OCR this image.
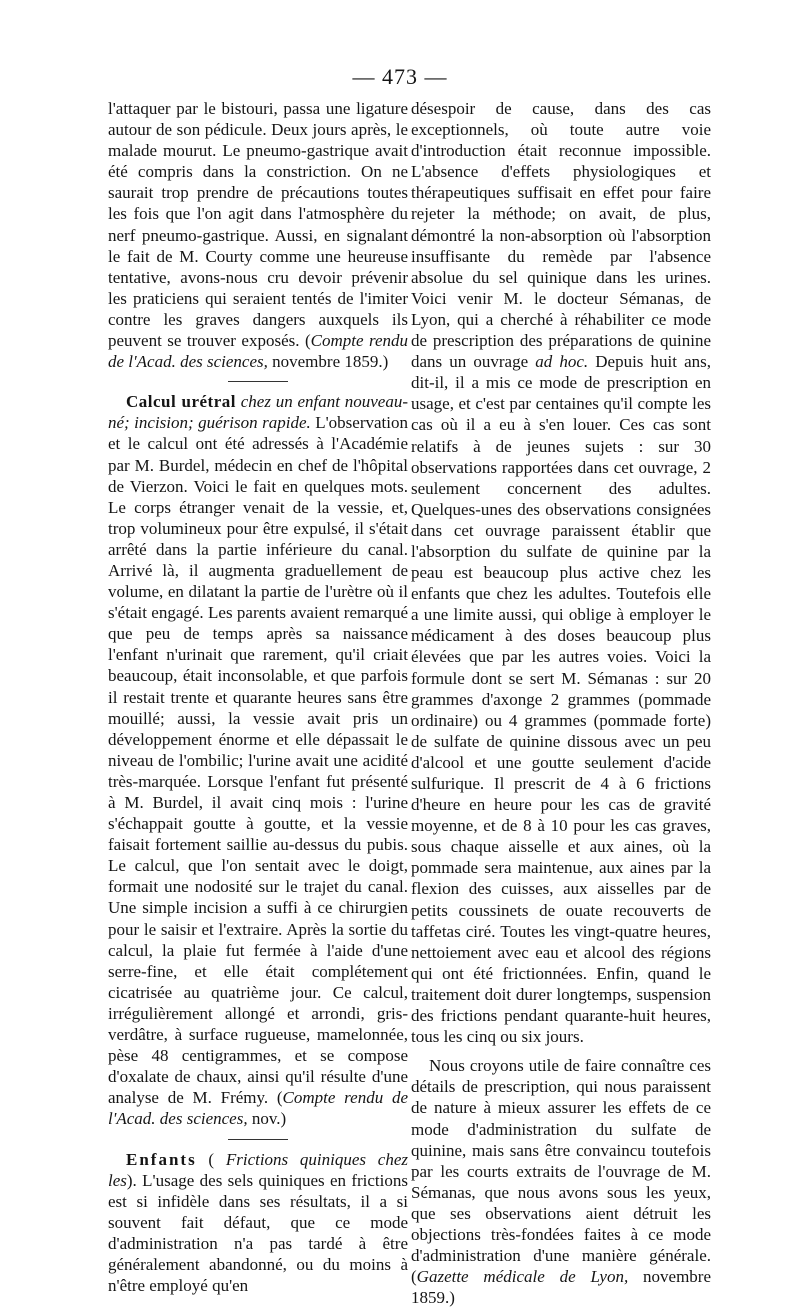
— 473 —

l'attaquer par le bistouri, passa une ligature autour de son pédicule. Deux jours après, le malade mourut. Le pneumo-gastrique avait été compris dans la constriction. On ne saurait trop prendre de précautions toutes les fois que l'on agit dans l'atmosphère du nerf pneumo-gastrique. Aussi, en signalant le fait de M. Courty comme une heureuse tentative, avons-nous cru devoir prévenir les praticiens qui seraient tentés de l'imiter contre les graves dangers auxquels ils peuvent se trouver exposés. (Compte rendu de l'Acad. des sciences, novembre 1859.)

Calcul urétral chez un enfant nouveau-né; incision; guérison rapide. L'observation et le calcul ont été adressés à l'Académie par M. Burdel, médecin en chef de l'hôpital de Vierzon. Voici le fait en quelques mots. Le corps étranger venait de la vessie, et, trop volumineux pour être expulsé, il s'était arrêté dans la partie inférieure du canal. Arrivé là, il augmenta graduellement de volume, en dilatant la partie de l'urètre où il s'était engagé. Les parents avaient remarqué que peu de temps après sa naissance l'enfant n'urinait que rarement, qu'il criait beaucoup, était inconsolable, et que parfois il restait trente et quarante heures sans être mouillé; aussi, la vessie avait pris un développement énorme et elle dépassait le niveau de l'ombilic; l'urine avait une acidité très-marquée. Lorsque l'enfant fut présenté à M. Burdel, il avait cinq mois : l'urine s'échappait goutte à goutte, et la vessie faisait fortement saillie au-dessus du pubis. Le calcul, que l'on sentait avec le doigt, formait une nodosité sur le trajet du canal. Une simple incision a suffi à ce chirurgien pour le saisir et l'extraire. Après la sortie du calcul, la plaie fut fermée à l'aide d'une serre-fine, et elle était complétement cicatrisée au quatrième jour. Ce calcul, irrégulièrement allongé et arrondi, gris-verdâtre, à surface rugueuse, mamelonnée, pèse 48 centigrammes, et se compose d'oxalate de chaux, ainsi qu'il résulte d'une analyse de M. Frémy. (Compte rendu de l'Acad. des sciences, nov.)

Enfants ( Frictions quiniques chez les). L'usage des sels quiniques en frictions est si infidèle dans ses résultats, il a si souvent fait défaut, que ce mode d'administration n'a pas tardé à être généralement abandonné, ou du moins à n'être employé qu'en

désespoir de cause, dans des cas exceptionnels, où toute autre voie d'introduction était reconnue impossible. L'absence d'effets physiologiques et thérapeutiques suffisait en effet pour faire rejeter la méthode; on avait, de plus, démontré la non-absorption où l'absorption insuffisante du remède par l'absence absolue du sel quinique dans les urines. Voici venir M. le docteur Sémanas, de Lyon, qui a cherché à réhabiliter ce mode de prescription des préparations de quinine dans un ouvrage ad hoc. Depuis huit ans, dit-il, il a mis ce mode de prescription en usage, et c'est par centaines qu'il compte les cas où il a eu à s'en louer. Ces cas sont relatifs à de jeunes sujets : sur 30 observations rapportées dans cet ouvrage, 2 seulement concernent des adultes. Quelques-unes des observations consignées dans cet ouvrage paraissent établir que l'absorption du sulfate de quinine par la peau est beaucoup plus active chez les enfants que chez les adultes. Toutefois elle a une limite aussi, qui oblige à employer le médicament à des doses beaucoup plus élevées que par les autres voies. Voici la formule dont se sert M. Sémanas : sur 20 grammes d'axonge 2 grammes (pommade ordinaire) ou 4 grammes (pommade forte) de sulfate de quinine dissous avec un peu d'alcool et une goutte seulement d'acide sulfurique. Il prescrit de 4 à 6 frictions d'heure en heure pour les cas de gravité moyenne, et de 8 à 10 pour les cas graves, sous chaque aisselle et aux aines, où la pommade sera maintenue, aux aines par la flexion des cuisses, aux aisselles par de petits coussinets de ouate recouverts de taffetas ciré. Toutes les vingt-quatre heures, nettoiement avec eau et alcool des régions qui ont été frictionnées. Enfin, quand le traitement doit durer longtemps, suspension des frictions pendant quarante-huit heures, tous les cinq ou six jours.

Nous croyons utile de faire connaître ces détails de prescription, qui nous paraissent de nature à mieux assurer les effets de ce mode d'administration du sulfate de quinine, mais sans être convaincu toutefois par les courts extraits de l'ouvrage de M. Sémanas, que nous avons sous les yeux, que ses observations aient détruit les objections très-fondées faites à ce mode d'administration d'une manière générale. (Gazette médicale de Lyon, novembre 1859.)
